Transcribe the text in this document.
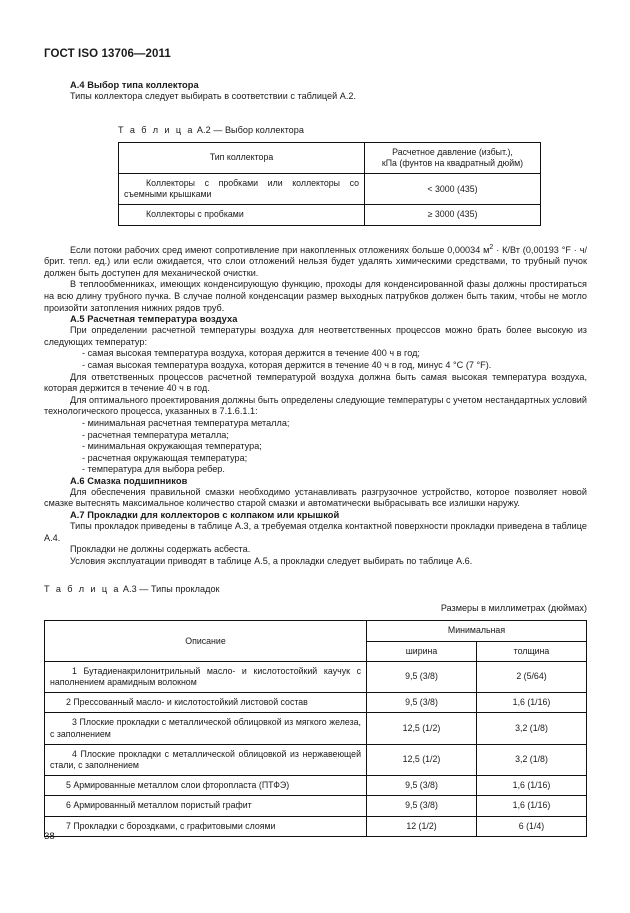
ГОСТ ISO 13706—2011
A.4 Выбор типа коллектора

Типы коллектора следует выбирать в соответствии с таблицей А.2.

Т а б л и ц а А.2 — Выбор коллектора
Тип коллектора	Расчетное давление (избыт.),
кПа (фунтов на квадратный дюйм)
Коллекторы с пробками или коллекторы со съемными крышками	< 3000 (435)
Коллекторы с пробками	≥ 3000 (435)

Если потоки рабочих сред имеют сопротивление при накопленных отложениях больше 0,00034 $м^2 \cdot К/Вт$ (0,00193 °F · ч/брит. тепл. ед.) или если ожидается, что слои отложений нельзя будет удалять химическими средствами, то трубный пучок должен быть доступен для механической очистки.

В теплообменниках, имеющих конденсирующую функцию, проходы для конденсированной фазы должны простираться на всю длину трубного пучка. В случае полной конденсации размер выходных патрубков должен быть таким, чтобы не могло произойти затопления нижних рядов труб.

A.5 Расчетная температура воздуха

При определении расчетной температуры воздуха для неответственных процессов можно брать более высокую из следующих температур:

- самая высокая температура воздуха, которая держится в течение 400 ч в год;
- самая высокая температура воздуха, которая держится в течение 40 ч в год, минус 4 °С (7 °F).

Для ответственных процессов расчетной температурой воздуха должна быть самая высокая температура воздуха, которая держится в течение 40 ч в год.

Для оптимального проектирования должны быть определены следующие температуры с учетом нестандартных условий технологического процесса, указанных в 7.1.6.1.1:

- минимальная расчетная температура металла;
- расчетная температура металла;
- минимальная окружающая температура;
- расчетная окружающая температура;
- температура для выбора ребер.
A.6 Смазка подшипников

Для обеспечения правильной смазки необходимо устанавливать разгрузочное устройство, которое позволяет новой смазке вытеснять максимальное количество старой смазки и автоматически выбрасывать все излишки наружу.

A.7 Прокладки для коллекторов с колпаком или крышкой

Типы прокладок приведены в таблице А.3, а требуемая отделка контактной поверхности прокладки приведена в таблице А.4.

Прокладки не должны содержать асбеста.

Условия эксплуатации приводят в таблице А.5, а прокладки следует выбирать по таблице А.6.

Т а б л и ц а А.3 — Типы прокладок
Размеры в миллиметрах (дюймах)
Описание	Минимальная	
	ширина	толщина
1 Бутадиенакрилонитрильный масло- и кислотостойкий каучук с наполнением арамидным волокном	9,5 (3/8)	2 (5/64)
2 Прессованный масло- и кислотостойкий листовой состав	9,5 (3/8)	1,6 (1/16)
3 Плоские прокладки с металлической облицовкой из мягкого железа, с заполнением	12,5 (1/2)	3,2 (1/8)
4 Плоские прокладки с металлической облицовкой из нержавеющей стали, с заполнением	12,5 (1/2)	3,2 (1/8)
5 Армированные металлом слои фторопласта (ПТФЭ)	9,5 (3/8)	1,6 (1/16)
6 Армированный металлом пористый графит	9,5 (3/8)	1,6 (1/16)
7 Прокладки с бороздками, с графитовыми слоями	12 (1/2)	6 (1/4)
38
